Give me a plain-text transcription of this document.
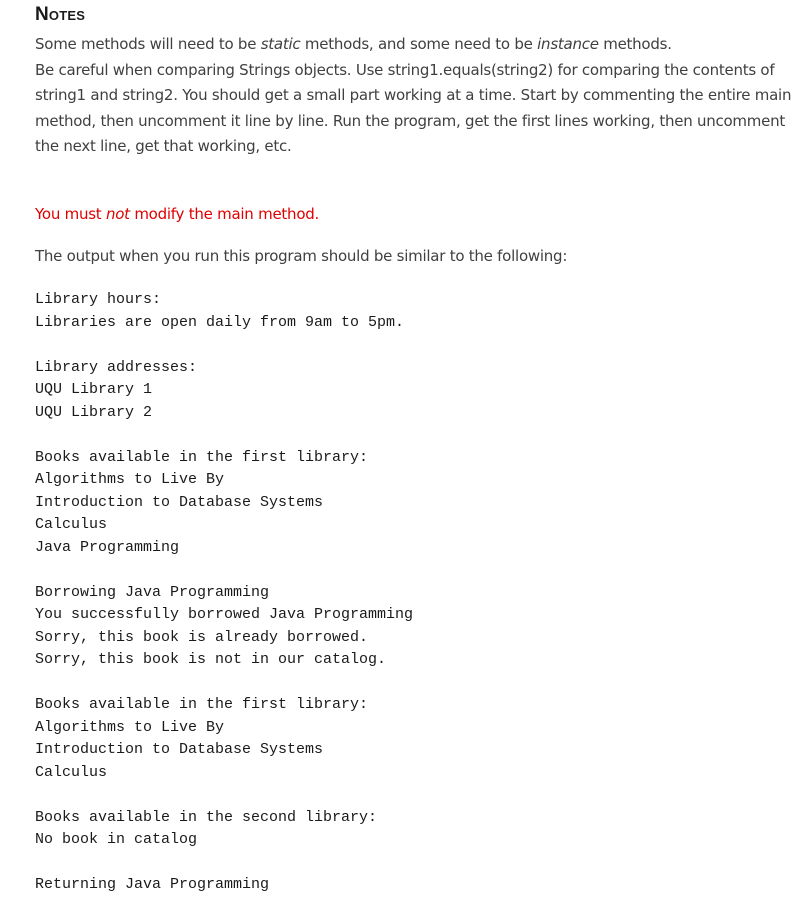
Notes
Some methods will need to be static methods, and some need to be instance methods.
Be careful when comparing Strings objects. Use string1.equals(string2) for comparing the contents of string1 and string2. You should get a small part working at a time. Start by commenting the entire main method, then uncomment it line by line. Run the program, get the first lines working, then uncomment the next line, get that working, etc.
You must not modify the main method.
The output when you run this program should be similar to the following:
Library hours:
Libraries are open daily from 9am to 5pm.
Library addresses:
UQU Library 1
UQU Library 2
Books available in the first library:
Algorithms to Live By
Introduction to Database Systems
Calculus
Java Programming
Borrowing Java Programming
You successfully borrowed Java Programming
Sorry, this book is already borrowed.
Sorry, this book is not in our catalog.
Books available in the first library:
Algorithms to Live By
Introduction to Database Systems
Calculus
Books available in the second library:
No book in catalog
Returning Java Programming
